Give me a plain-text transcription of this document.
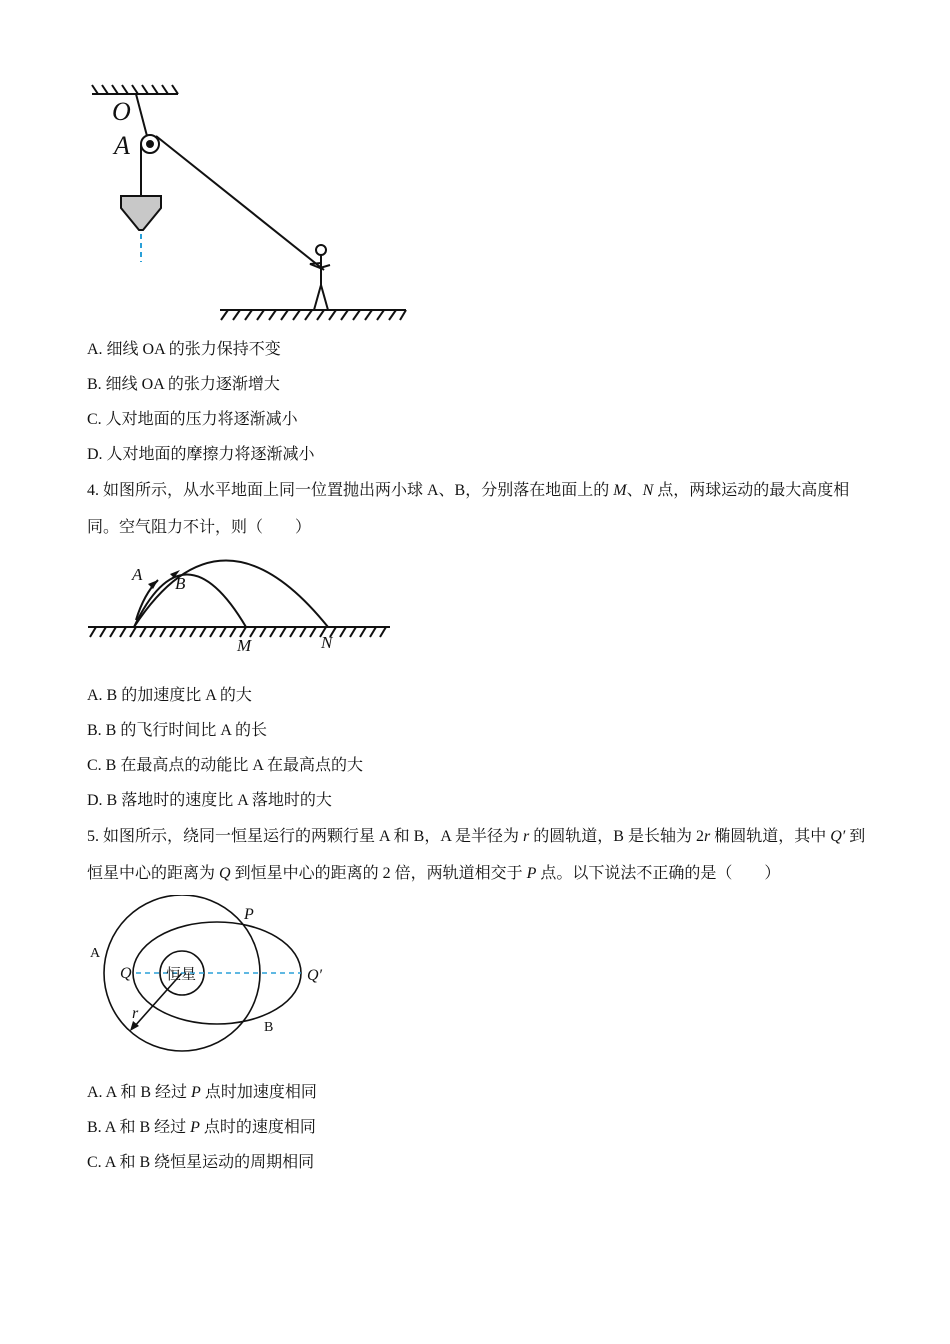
O
A
A. 细线 OA 的张力保持不变
B. 细线 OA 的张力逐渐增大
C. 人对地面的压力将逐渐减小
D. 人对地面的摩擦力将逐渐减小
4. 如图所示，从水平地面上同一位置抛出两小球 A、B，分别落在地面上的 M、N 点，两球运动的最大高度相同。空气阻力不计，则（　　）
A B
M	N
A. B 的加速度比 A 的大
B. B 的飞行时间比 A 的长
C. B 在最高点的动能比 A 在最高点的大
D. B 落地时的速度比 A 落地时的大
5. 如图所示，绕同一恒星运行的两颗行星 A 和 B，A 是半径为 r 的圆轨道，B 是长轴为 2r 椭圆轨道，其中 Q′ 到恒星中心的距离为 Q 到恒星中心的距离的 2 倍，两轨道相交于 P 点。以下说法不正确的是（　　）
A
B
P
Q	Q′
r
恒星
A. A 和 B 经过 P 点时加速度相同
B. A 和 B 经过 P 点时的速度相同
C. A 和 B 绕恒星运动的周期相同
